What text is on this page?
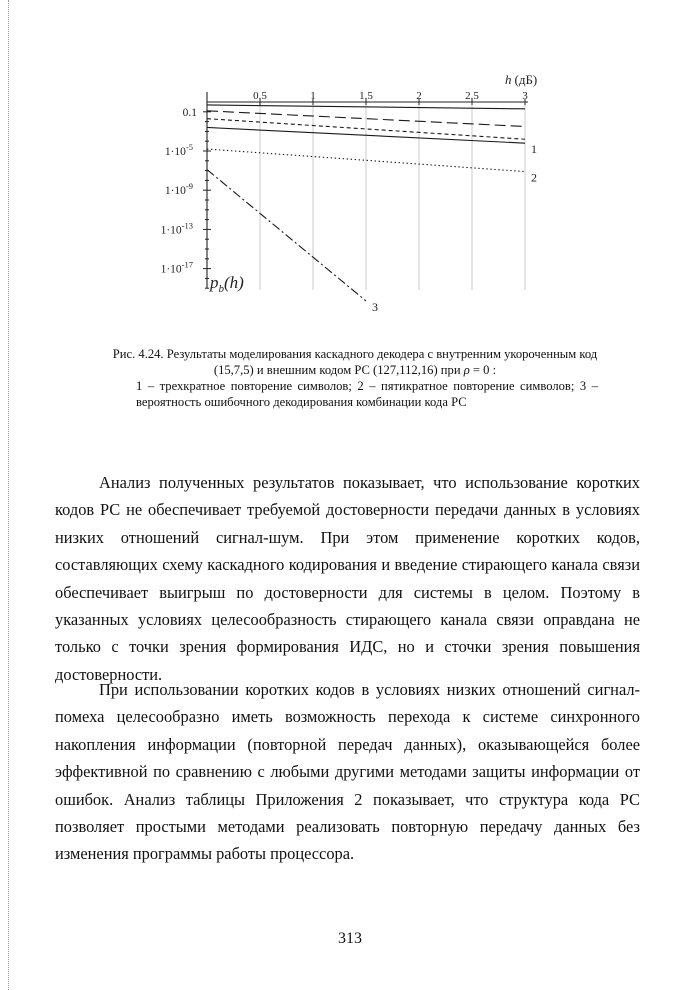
h (дБ)
$p_b(h)$
0.5	1	1.5	2	2.5	3
0.1
$1\cdot 10^{-5}$
$1\cdot 10^{-9}$
$1\cdot 10^{-13}$
$1\cdot 10^{-17}$
1
2
3

Рис. 4.24. Результаты моделирования каскадного декодера с внутренним укороченным код (15,7,5) и внешним кодом РС (127,112,16) при ρ = 0 :

1 – трехкратное повторение символов; 2 – пятикратное повторение символов; 3 – вероятность ошибочного декодирования комбинации кода РС

Анализ полученных результатов показывает, что использование коротких кодов РС не обеспечивает требуемой достоверности передачи данных в условиях низких отношений сигнал-шум. При этом применение коротких кодов, составляющих схему каскадного кодирования и введение стирающего канала связи обеспечивает выигрыш по достоверности для системы в целом. Поэтому в указанных условиях целесообразность стирающего канала связи оправдана не только с точки зрения формирования ИДС, но и сточки зрения повышения достоверности.

При использовании коротких кодов в условиях низких отношений сигнал-помеха целесообразно иметь возможность перехода к системе синхронного накопления информации (повторной передач данных), оказывающейся более эффективной по сравнению с любыми другими методами защиты информации от ошибок. Анализ таблицы Приложения 2 показывает, что структура кода РС позволяет простыми методами реализовать повторную передачу данных без изменения программы работы процессора.

313
